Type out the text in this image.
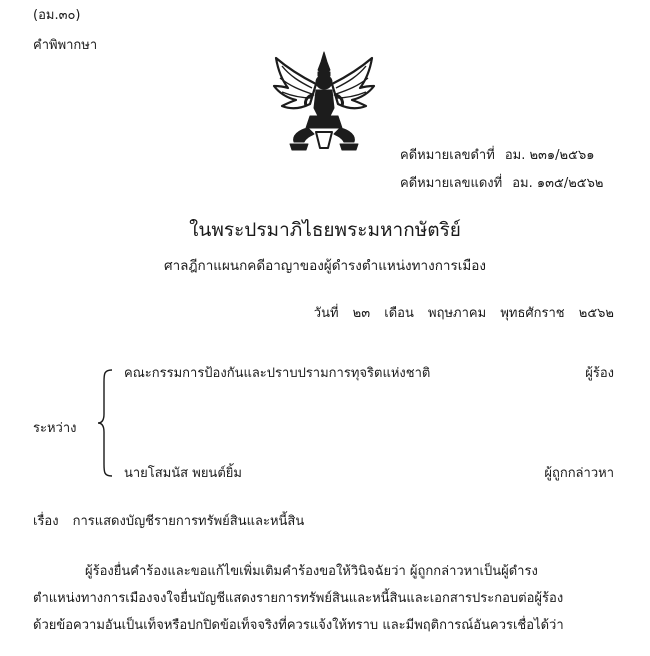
(อม.๓๐)
คำพิพากษา
คดีหมายเลขดำที่ อม. ๒๓๑/๒๕๖๑
คดีหมายเลขแดงที่ อม. ๑๓๕/๒๕๖๒
ในพระปรมาภิไธยพระมหากษัตริย์
ศาลฎีกาแผนกคดีอาญาของผู้ดำรงตำแหน่งทางการเมือง
วันที่ ๒๓ เดือน พฤษภาคม พุทธศักราช ๒๕๖๒
คณะกรรมการป้องกันและปราบปรามการทุจริตแห่งชาติ	ผู้ร้อง
ระหว่าง
นายโสมนัส พยนต์ยิ้ม	ผู้ถูกกล่าวหา
เรื่อง การแสดงบัญชีรายการทรัพย์สินและหนี้สิน
ผู้ร้องยื่นคำร้องและขอแก้ไขเพิ่มเติมคำร้องขอให้วินิจฉัยว่า ผู้ถูกกล่าวหาเป็นผู้ดำรง
ตำแหน่งทางการเมืองจงใจยื่นบัญชีแสดงรายการทรัพย์สินและหนี้สินและเอกสารประกอบต่อผู้ร้อง
ด้วยข้อความอันเป็นเท็จหรือปกปิดข้อเท็จจริงที่ควรแจ้งให้ทราบ และมีพฤติการณ์อันควรเชื่อได้ว่า
